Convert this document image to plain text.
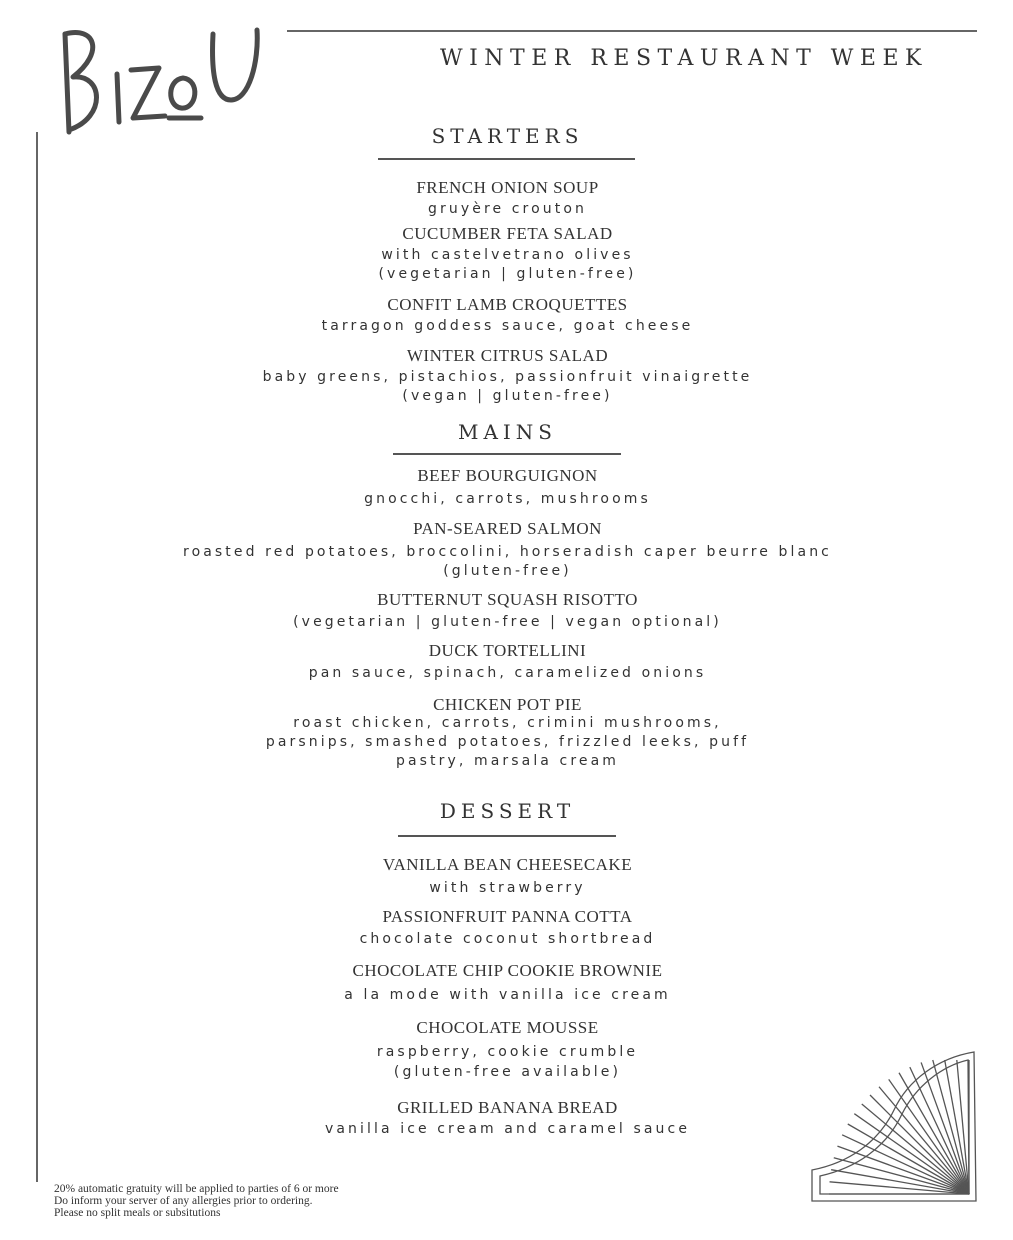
WINTER RESTAURANT WEEK
STARTERS
FRENCH ONION SOUP
gruyère crouton
CUCUMBER FETA SALAD
with castelvetrano olives
(vegetarian | gluten-free)
CONFIT LAMB CROQUETTES
tarragon goddess sauce, goat cheese
WINTER CITRUS SALAD
baby greens, pistachios, passionfruit vinaigrette
(vegan | gluten-free)
MAINS
BEEF BOURGUIGNON
gnocchi, carrots, mushrooms
PAN-SEARED SALMON
roasted red potatoes, broccolini, horseradish caper beurre blanc
(gluten-free)
BUTTERNUT SQUASH RISOTTO
(vegetarian | gluten-free | vegan optional)
DUCK TORTELLINI
pan sauce, spinach, caramelized onions
CHICKEN POT PIE
roast chicken, carrots, crimini mushrooms,
parsnips, smashed potatoes, frizzled leeks, puff
pastry, marsala cream
DESSERT
VANILLA BEAN CHEESECAKE
with strawberry
PASSIONFRUIT PANNA COTTA
chocolate coconut shortbread
CHOCOLATE CHIP COOKIE BROWNIE
a la mode with vanilla ice cream
CHOCOLATE MOUSSE
raspberry, cookie crumble
(gluten-free available)
GRILLED BANANA BREAD
vanilla ice cream and caramel sauce
20% automatic gratuity will be applied to parties of 6 or more
Do inform your server of any allergies prior to ordering.
Please no split meals or subsitutions
